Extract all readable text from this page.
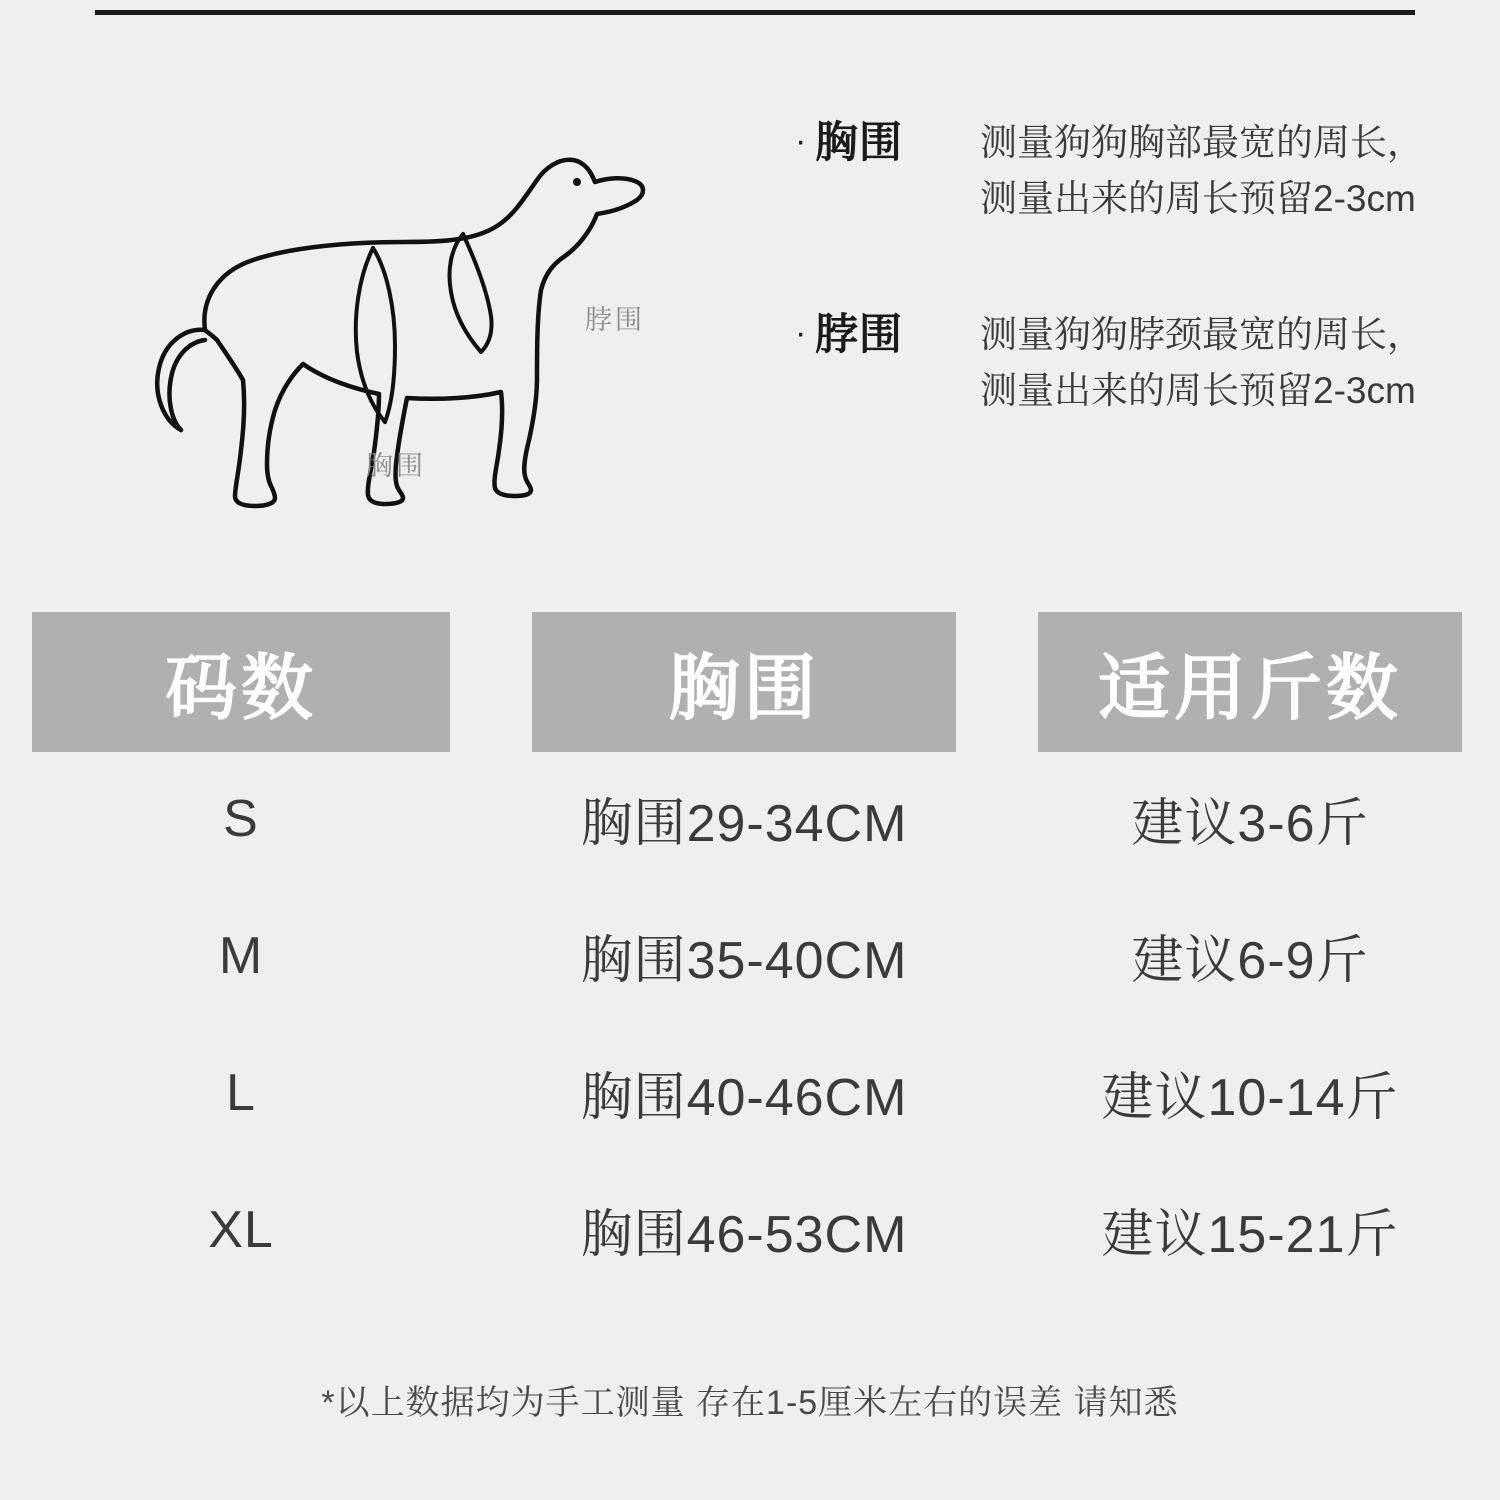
脖围
胸围
· 胸围	测量狗狗胸部最宽的周长，测量出来的周长预留2-3cm
· 脖围	测量狗狗脖颈最宽的周长，测量出来的周长预留2-3cm
码数	胸围	适用斤数
S	胸围29-34CM	建议3-6斤
M	胸围35-40CM	建议6-9斤
L	胸围40-46CM	建议10-14斤
XL	胸围46-53CM	建议15-21斤
*以上数据均为手工测量 存在1-5厘米左右的误差 请知悉
